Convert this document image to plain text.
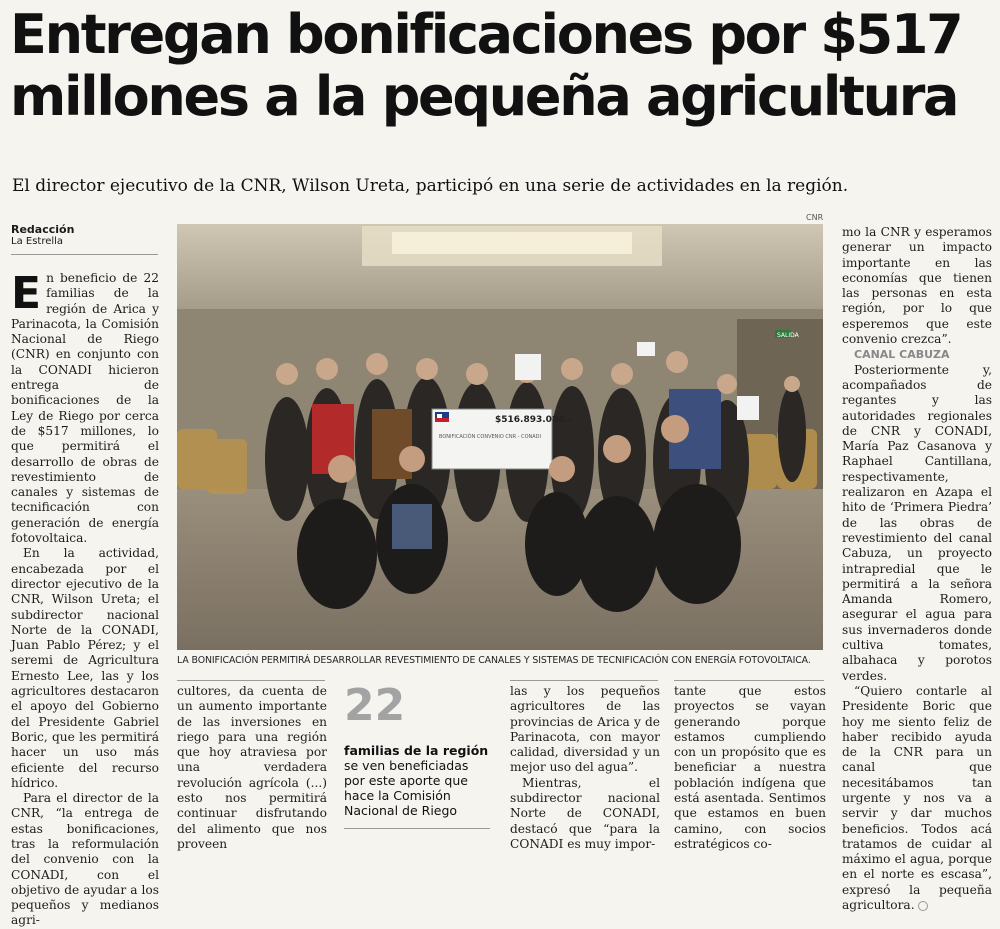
Entregan bonificaciones por $517 millones a la pequeña agricultura

El director ejecutivo de la CNR, Wilson Ureta, participó en una serie de actividades en la región.

Redacción
La Estrella

En beneficio de 22 familias de la región de Arica y Parinacota, la Comisión Nacional de Riego (CNR) en conjunto con la CONADI hicieron entrega de bonificaciones de la Ley de Riego por cerca de $517 millones, lo que permitirá el desarrollo de obras de revestimiento de canales y sistemas de tecnificación con generación de energía fotovoltaica.

En la actividad, encabezada por el director ejecutivo de la CNR, Wilson Ureta; el subdirector nacional Norte de la CONADI, Juan Pablo Pérez; y el seremi de Agricultura Ernesto Lee, las y los agricultores destacaron el apoyo del Gobierno del Presidente Gabriel Boric, que les permitirá hacer un uso más eficiente del recurso hídrico.

Para el director de la CNR, “la entrega de estas bonificaciones, tras la reformulación del convenio con la CONADI, con el objetivo de ayudar a los pequeños y medianos agri-

CNR
SALIDA
$516.893.084.-
BONIFICACIÓN CONVENIO CNR - CONADI
LA BONIFICACIÓN PERMITIRÁ DESARROLLAR REVESTIMIENTO DE CANALES Y SISTEMAS DE TECNIFICACIÓN CON ENERGÍA FOTOVOLTAICA.

cultores, da cuenta de un aumento importante de las inversiones en riego para una región que hoy atraviesa por una verdadera revolución agrícola (...) esto nos permitirá continuar disfrutando del alimento que nos proveen

22
familias de la región se ven beneficiadas por este aporte que hace la Comisión Nacional de Riego

las y los pequeños agricultores de las provincias de Arica y de Parinacota, con mayor calidad, diversidad y un mejor uso del agua”.

Mientras, el subdirector nacional Norte de CONADI, destacó que “para la CONADI es muy impor-

tante que estos proyectos se vayan generando porque estamos cumpliendo con un propósito que es beneficiar a nuestra población indígena que está asentada. Sentimos que estamos en buen camino, con socios estratégicos co-

mo la CNR y esperamos generar un impacto importante en las economías que tienen las personas en esta región, por lo que esperemos que este convenio crezca”.

CANAL CABUZA

Posteriormente y, acompañados de regantes y las autoridades regionales de CNR y CONADI, María Paz Casanova y Raphael Cantillana, respectivamente, realizaron en Azapa el hito de ‘Primera Piedra’ de las obras de revestimiento del canal Cabuza, un proyecto intrapredial que le permitirá a la señora Amanda Romero, asegurar el agua para sus invernaderos donde cultiva tomates, albahaca y porotos verdes.

“Quiero contarle al Presidente Boric que hoy me siento feliz de haber recibido ayuda de la CNR para un canal que necesitábamos tan urgente y nos va a servir y dar muchos beneficios. Todos acá tratamos de cuidar al máximo el agua, porque en el norte es escasa”, expresó la pequeña agricultora.
